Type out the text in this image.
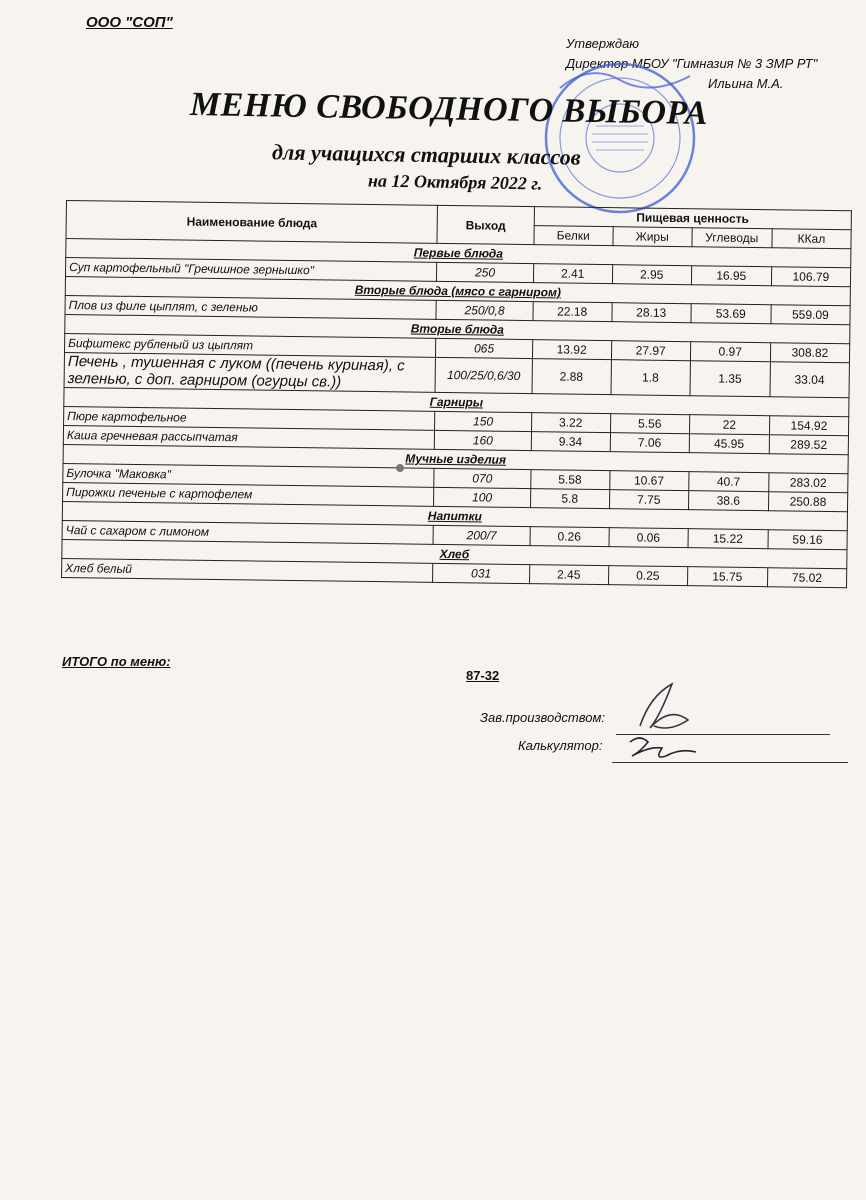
ООО "СОП"
Утверждаю
Директор МБОУ "Гимназия № 3 ЗМР РТ"
Ильина М.А.
МЕНЮ СВОБОДНОГО ВЫБОРА
для учащихся старших классов
на 12 Октября 2022 г.
Наименование блюда	Выход	Пищевая ценность			
		Белки	Жиры	Углеводы	ККал
Первые блюда					
Суп картофельный "Гречишное зернышко"	250	2.41	2.95	16.95	106.79
Вторые блюда (мясо с гарниром)					
Плов из филе цыплят, с зеленью	250/0,8	22.18	28.13	53.69	559.09
Вторые блюда					
Бифштекс рубленый из цыплят	065	13.92	27.97	0.97	308.82
Печень , тушенная с луком ((печень куриная), с зеленью, с доп. гарниром (огурцы св.))	100/25/0,6/30	2.88	1.8	1.35	33.04
Гарниры					
Пюре картофельное	150	3.22	5.56	22	154.92
Каша гречневая рассыпчатая	160	9.34	7.06	45.95	289.52
Мучные изделия					
Булочка "Маковка"	070	5.58	10.67	40.7	283.02
Пирожки печеные с картофелем	100	5.8	7.75	38.6	250.88
Напитки					
Чай с сахаром с лимоном	200/7	0.26	0.06	15.22	59.16
Хлеб					
Хлеб белый	031	2.45	0.25	15.75	75.02
ИТОГО по меню:
87-32
Зав.производством:
Калькулятор:
